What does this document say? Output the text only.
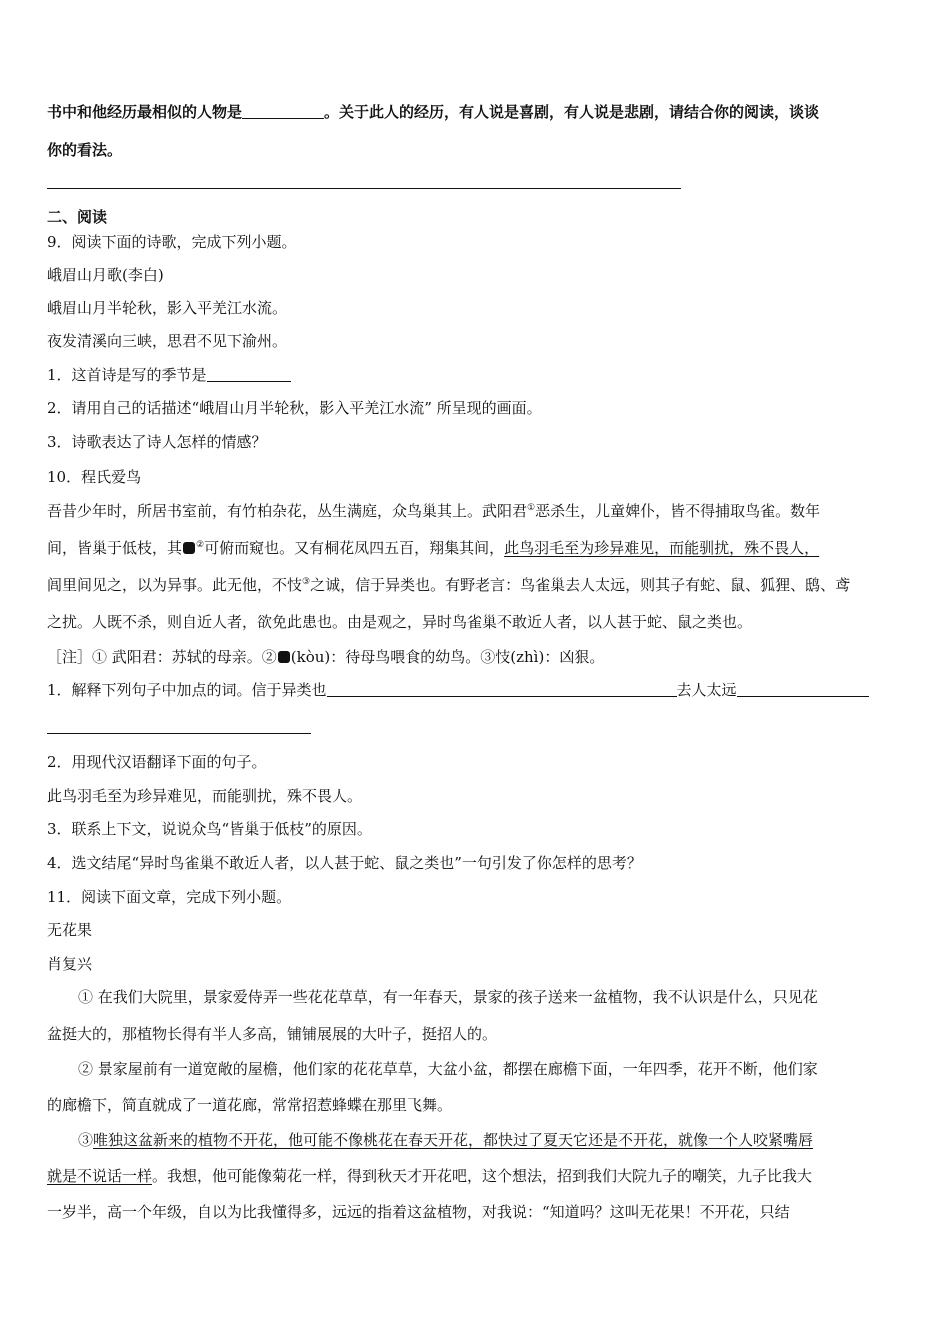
书中和他经历最相似的人物是	。关于此人的经历，有人说是喜剧，有人说是悲剧，请结合你的阅读，谈谈
你的看法。
二、阅读
9．阅读下面的诗歌，完成下列小题。
峨眉山月歌(李白)
峨眉山月半轮秋，影入平羌江水流。
夜发清溪向三峡，思君不见下渝州。
1．这首诗是写的季节是
2．请用自己的话描述“峨眉山月半轮秋，影入平羌江水流” 所呈现的画面。
3．诗歌表达了诗人怎样的情感？
10．程氏爱鸟
吾昔少年时，所居书室前，有竹柏杂花，丛生满庭，众鸟巢其上。武阳君①恶杀生，儿童婢仆，皆不得捕取鸟雀。数年
间，皆巢于低枝，其 ②可俯而窥也。又有桐花凤四五百，翔集其间，此鸟羽毛至为珍异难见，而能驯扰，殊不畏人，
闾里间见之，以为异事。此无他，不忮③之诚，信于异类也。有野老言：鸟雀巢去人太远，则其子有蛇、鼠、狐狸、鸱、鸢
之扰。人既不杀，则自近人者，欲免此患也。由是观之，异时鸟雀巢不敢近人者，以人甚于蛇、鼠之类也。
［注］① 武阳君：苏轼的母亲。② (kòu)：待母鸟喂食的幼鸟。③忮(zhì)：凶狠。
1．解释下列句子中加点的词。信于异类也	去人太远
2．用现代汉语翻译下面的句子。
此鸟羽毛至为珍异难见，而能驯扰，殊不畏人。
3．联系上下文，说说众鸟“皆巢于低枝”的原因。
4．选文结尾“异时鸟雀巢不敢近人者，以人甚于蛇、鼠之类也”一句引发了你怎样的思考？
11．阅读下面文章，完成下列小题。
无花果
肖复兴
① 在我们大院里，景家爱侍弄一些花花草草，有一年春天，景家的孩子送来一盆植物，我不认识是什么，只见花
盆挺大的，那植物长得有半人多高，铺铺展展的大叶子，挺招人的。
② 景家屋前有一道宽敞的屋檐，他们家的花花草草，大盆小盆，都摆在廊檐下面，一年四季，花开不断，他们家
的廊檐下，简直就成了一道花廊，常常招惹蜂蝶在那里飞舞。
③唯独这盆新来的植物不开花，他可能不像桃花在春天开花，都快过了夏天它还是不开花，就像一个人咬紧嘴唇
就是不说话一样。我想，他可能像菊花一样，得到秋天才开花吧，这个想法，招到我们大院九子的嘲笑，九子比我大
一岁半，高一个年级，自以为比我懂得多，远远的指着这盆植物，对我说：“知道吗？这叫无花果！不开花，只结
